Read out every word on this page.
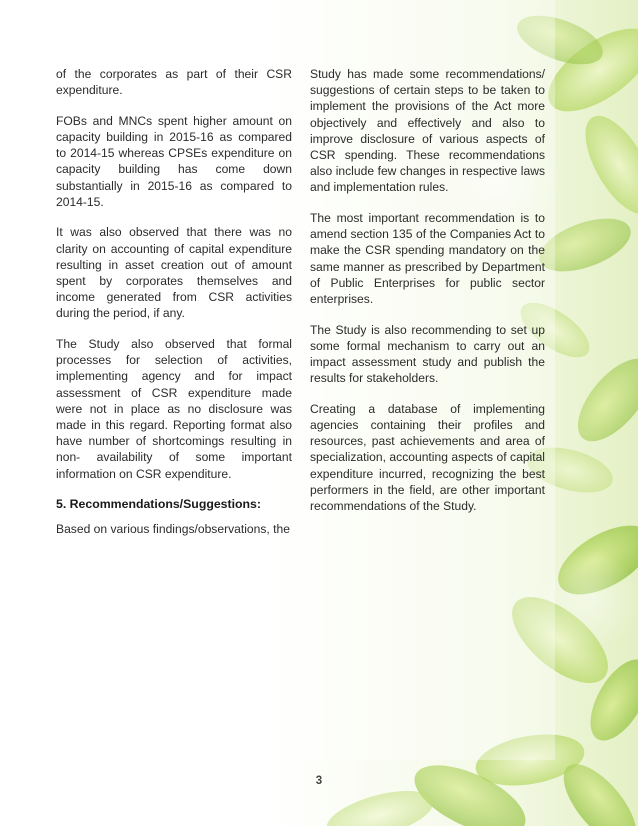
of the corporates as part of their CSR expenditure.

FOBs and MNCs spent higher amount on capacity building in 2015-16 as compared to 2014-15 whereas CPSEs expenditure on capacity building has come down substantially in 2015-16 as compared to 2014-15.

It was also observed that there was no clarity on accounting of capital expenditure resulting in asset creation out of amount spent by corporates themselves and income generated from CSR activities during the period, if any.

The Study also observed that formal processes for selection of activities, implementing agency and for impact assessment of CSR expenditure made were not in place as no disclosure was made in this regard. Reporting format also have number of shortcomings resulting in non- availability of some important information on CSR expenditure.

5. Recommendations/Suggestions:

Based on various findings/observations, the

Study has made some recommendations/ suggestions of certain steps to be taken to implement the provisions of the Act more objectively and effectively and also to improve disclosure of various aspects of CSR spending. These recommendations also include few changes in respective laws and implementation rules.

The most important recommendation is to amend section 135 of the Companies Act to make the CSR spending mandatory on the same manner as prescribed by Department of Public Enterprises for public sector enterprises.

The Study is also recommending to set up some formal mechanism to carry out an impact assessment study and publish the results for stakeholders.

Creating a database of implementing agencies containing their profiles and resources, past achievements and area of specialization, accounting aspects of capital expenditure incurred, recognizing the best performers in the field, are other important recommendations of the Study.

3
